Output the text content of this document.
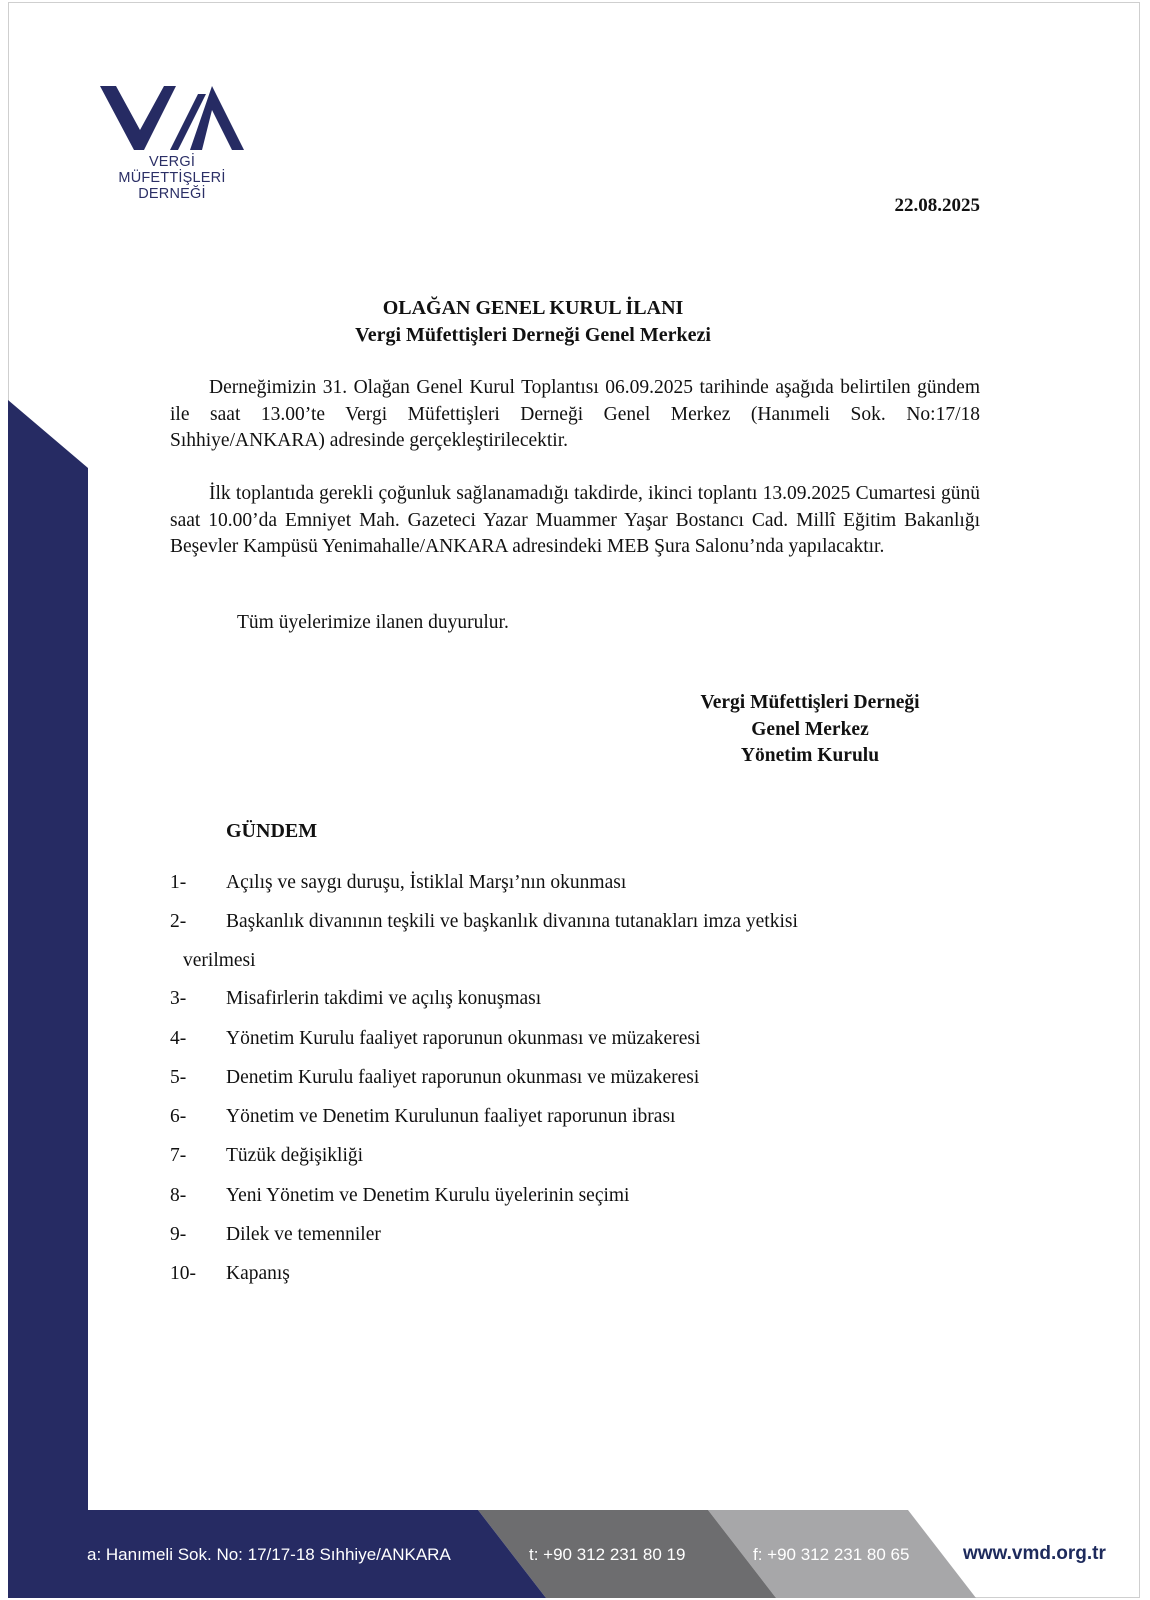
VERGİ MÜFETTİŞLERİ
DERNEĞİ
22.08.2025
OLAĞAN GENEL KURUL İLANI
Vergi Müfettişleri Derneği Genel Merkezi
Derneğimizin 31. Olağan Genel Kurul Toplantısı 06.09.2025 tarihinde aşağıda belirtilen gündem ile saat 13.00’te Vergi Müfettişleri Derneği Genel Merkez (Hanımeli Sok. No:17/18 Sıhhiye/ANKARA) adresinde gerçekleştirilecektir.
İlk toplantıda gerekli çoğunluk sağlanamadığı takdirde, ikinci toplantı 13.09.2025 Cumartesi günü saat 10.00’da Emniyet Mah. Gazeteci Yazar Muammer Yaşar Bostancı Cad. Millî Eğitim Bakanlığı Beşevler Kampüsü Yenimahalle/ANKARA adresindeki MEB Şura Salonu’nda yapılacaktır.
Tüm üyelerimize ilanen duyurulur.
Vergi Müfettişleri Derneği
Genel Merkez
Yönetim Kurulu
GÜNDEM
1- Açılış ve saygı duruşu, İstiklal Marşı’nın okunması
2- Başkanlık divanının teşkili ve başkanlık divanına tutanakları imza yetkisi
verilmesi
3- Misafirlerin takdimi ve açılış konuşması
4- Yönetim Kurulu faaliyet raporunun okunması ve müzakeresi
5- Denetim Kurulu faaliyet raporunun okunması ve müzakeresi
6- Yönetim ve Denetim Kurulunun faaliyet raporunun ibrası
7- Tüzük değişikliği
8- Yeni Yönetim ve Denetim Kurulu üyelerinin seçimi
9- Dilek ve temenniler
10- Kapanış
a: Hanımeli Sok. No: 17/17-18 Sıhhiye/ANKARA	t: +90 312 231 80 19	f: +90 312 231 80 65	www.vmd.org.tr
